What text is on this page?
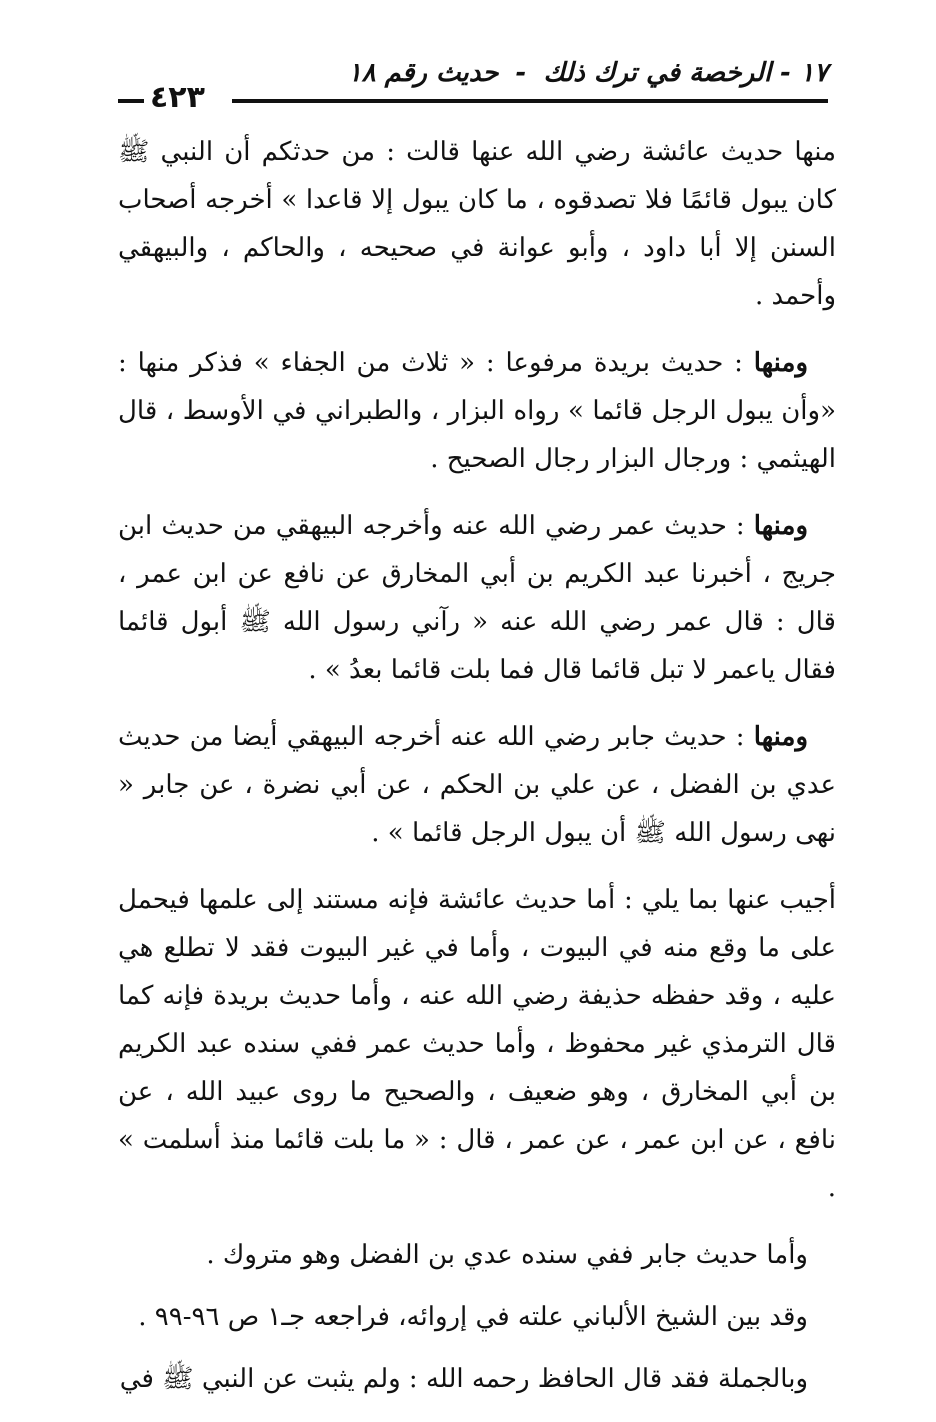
١٧ - الرخصة في ترك ذلك - حديث رقم ١٨
٤٢٣

منها حديث عائشة رضي الله عنها قالت : من حدثكم أن النبي ﷺ كان يبول قائمًا فلا تصدقوه ، ما كان يبول إلا قاعدا » أخرجه أصحاب السنن إلا أبا داود ، وأبو عوانة في صحيحه ، والحاكم ، والبيهقي وأحمد .

ومنها : حديث بريدة مرفوعا : « ثلاث من الجفاء » فذكر منها : «وأن يبول الرجل قائما » رواه البزار ، والطبراني في الأوسط ، قال الهيثمي : ورجال البزار رجال الصحيح .

ومنها : حديث عمر رضي الله عنه وأخرجه البيهقي من حديث ابن جريج ، أخبرنا عبد الكريم بن أبي المخارق عن نافع عن ابن عمر ، قال : قال عمر رضي الله عنه « رآني رسول الله ﷺ أبول قائما فقال ياعمر لا تبل قائما قال فما بلت قائما بعدُ » .

ومنها : حديث جابر رضي الله عنه أخرجه البيهقي أيضا من حديث عدي بن الفضل ، عن علي بن الحكم ، عن أبي نضرة ، عن جابر « نهى رسول الله ﷺ أن يبول الرجل قائما » .

أجيب عنها بما يلي : أما حديث عائشة فإنه مستند إلى علمها فيحمل على ما وقع منه في البيوت ، وأما في غير البيوت فقد لا تطلع هي عليه ، وقد حفظه حذيفة رضي الله عنه ، وأما حديث بريدة فإنه كما قال الترمذي غير محفوظ ، وأما حديث عمر ففي سنده عبد الكريم بن أبي المخارق ، وهو ضعيف ، والصحيح ما روى عبيد الله ، عن نافع ، عن ابن عمر ، عن عمر ، قال : « ما بلت قائما منذ أسلمت » .

وأما حديث جابر ففي سنده عدي بن الفضل وهو متروك .

وقد بين الشيخ الألباني علته في إروائه، فراجعه جـ١ ص ٩٦-٩٩ .

وبالجملة فقد قال الحافظ رحمه الله : ولم يثبت عن النبي ﷺ في
